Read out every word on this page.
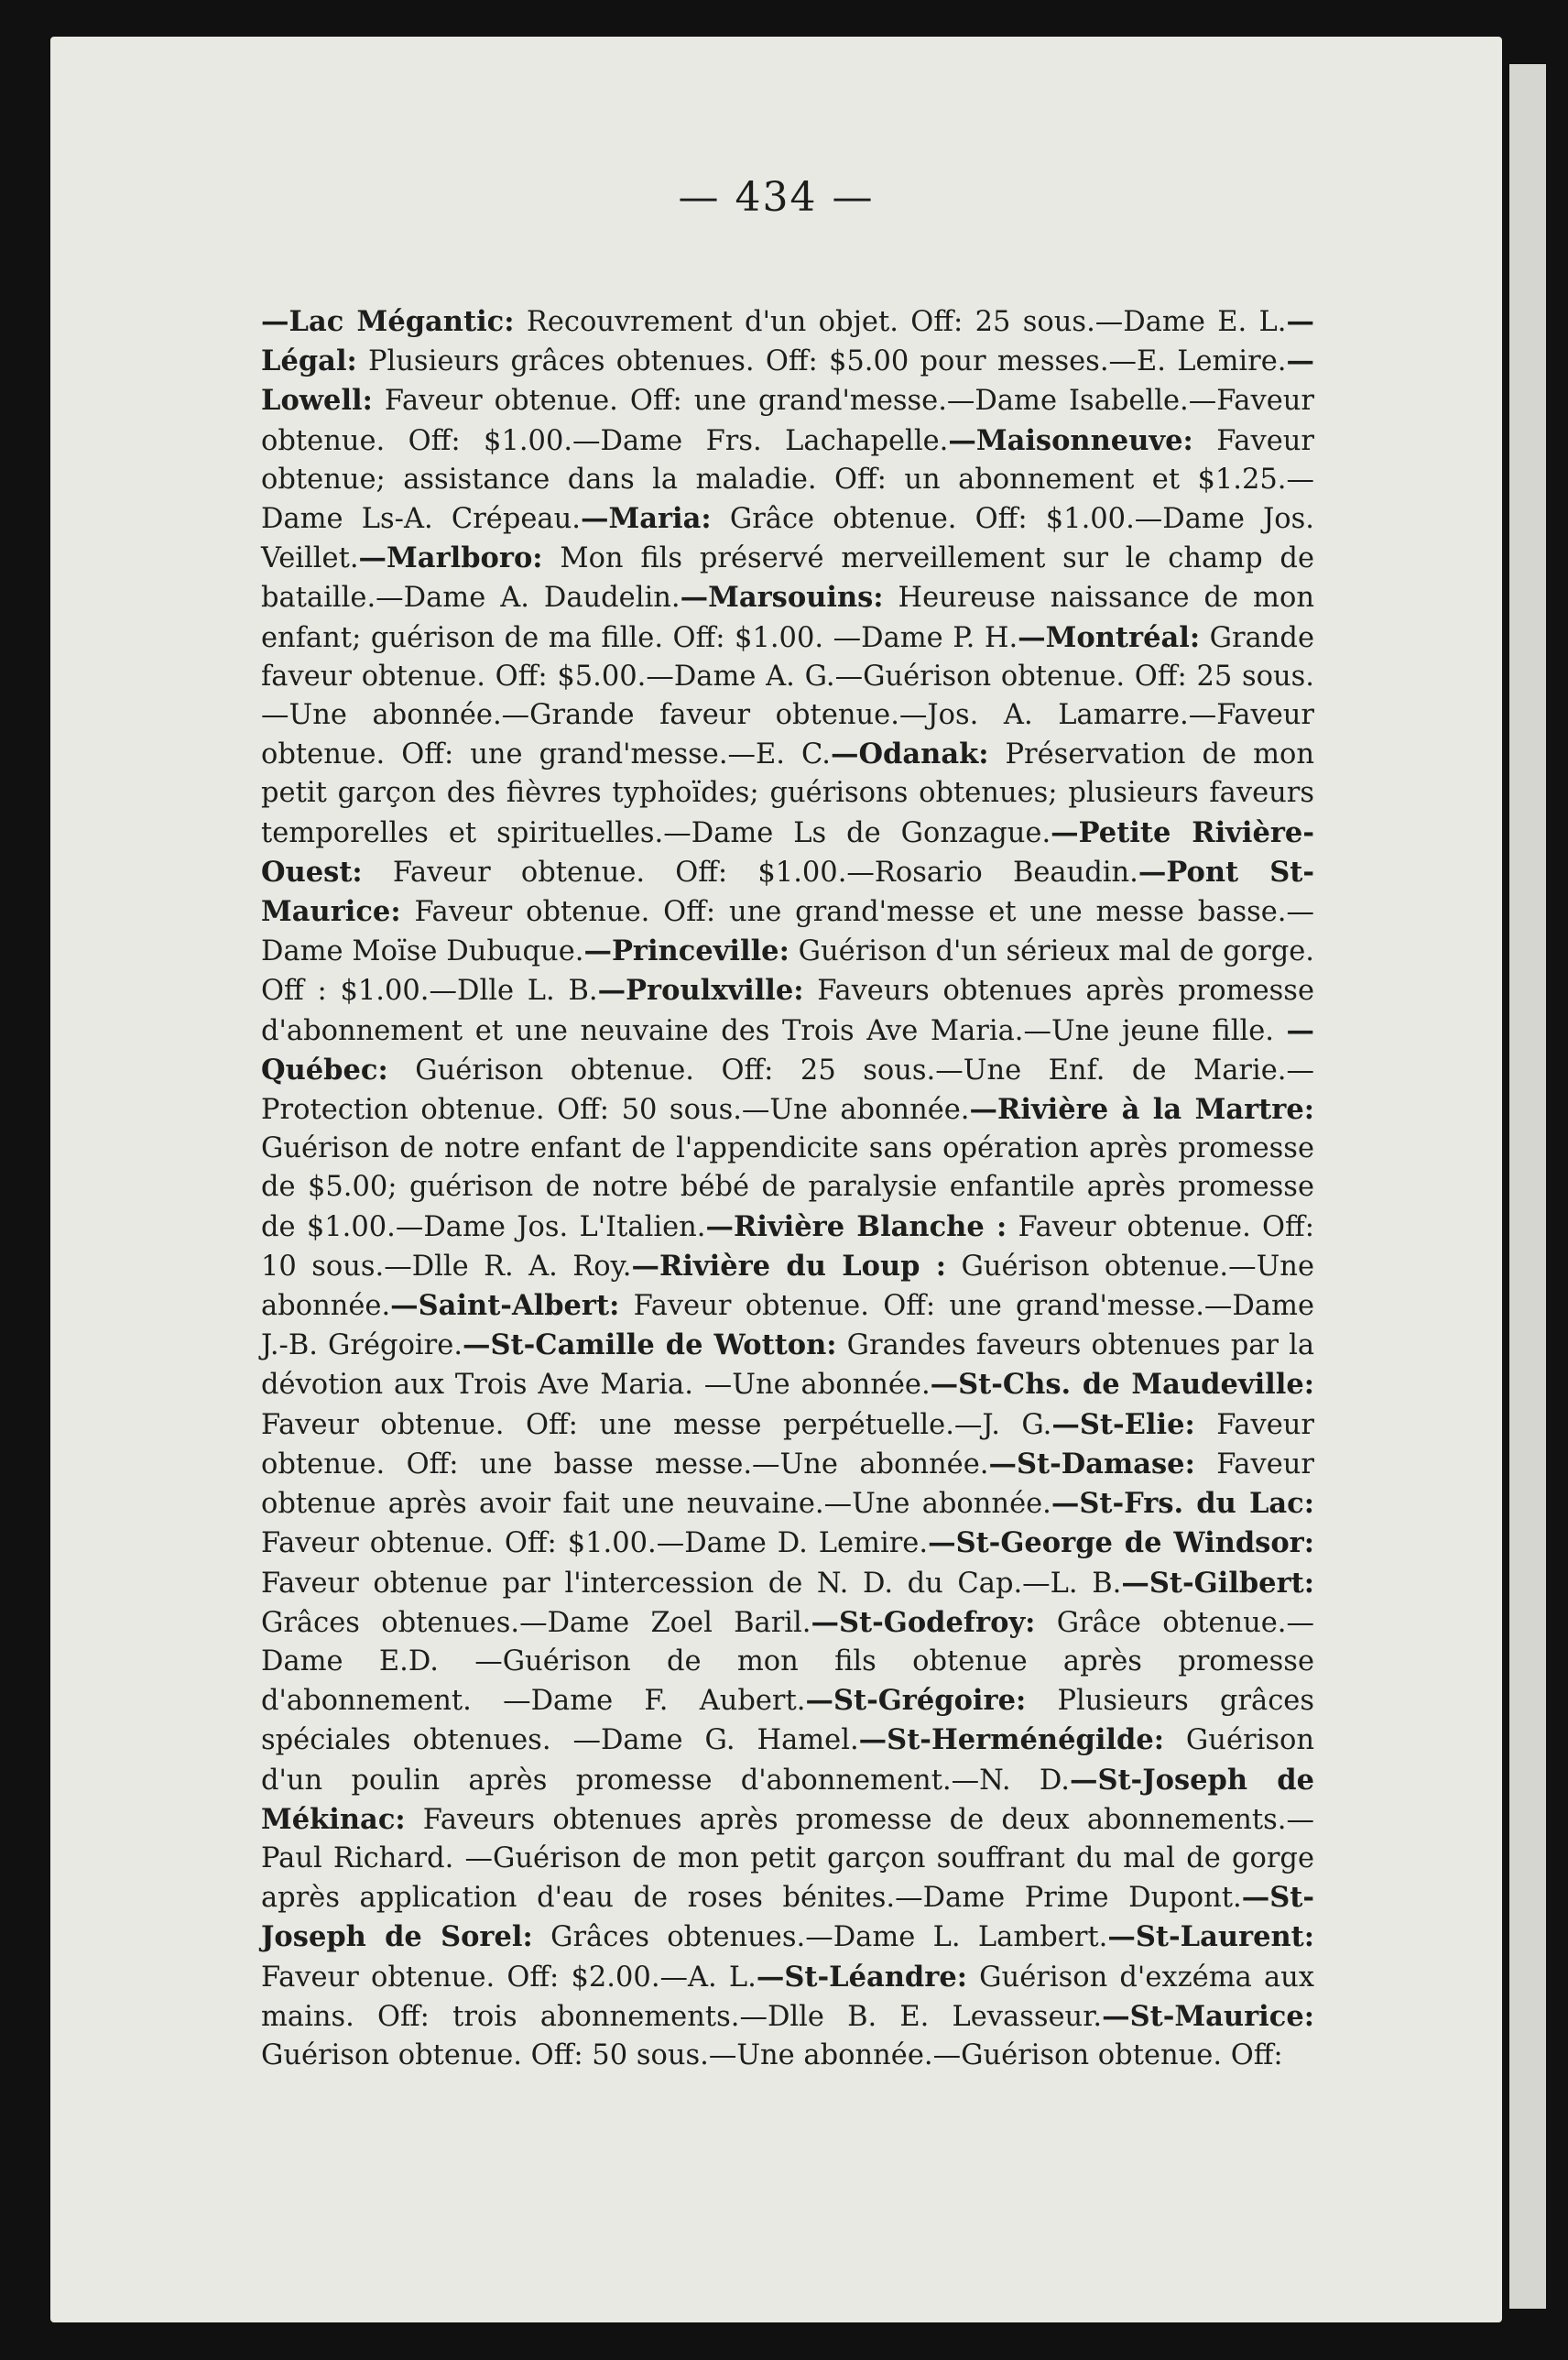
— 434 —
—Lac Mégantic: Recouvrement d'un objet. Off: 25 sous.—Dame E. L.—Légal: Plusieurs grâces obtenues. Off: $5.00 pour messes.—E. Lemire.—Lowell: Faveur obtenue. Off: une grand'messe.—Dame Isabelle.—Faveur obtenue. Off: $1.00.—Dame Frs. Lachapelle.—Maisonneuve: Faveur obtenue; assistance dans la maladie. Off: un abonnement et $1.25.—Dame Ls-A. Crépeau.—Maria: Grâce obtenue. Off: $1.00.—Dame Jos. Veillet.—Marlboro: Mon fils préservé merveillement sur le champ de bataille.—Dame A. Daudelin.—Marsouins: Heureuse naissance de mon enfant; guérison de ma fille. Off: $1.00. —Dame P. H.—Montréal: Grande faveur obtenue. Off: $5.00.—Dame A. G.—Guérison obtenue. Off: 25 sous.—Une abonnée.—Grande faveur obtenue.—Jos. A. Lamarre.—Faveur obtenue. Off: une grand'messe.—E. C.—Odanak: Préservation de mon petit garçon des fièvres typhoïdes; guérisons obtenues; plusieurs faveurs temporelles et spirituelles.—Dame Ls de Gonzague.—Petite Rivière-Ouest: Faveur obtenue. Off: $1.00.—Rosario Beaudin.—Pont St-Maurice: Faveur obtenue. Off: une grand'messe et une messe basse.—Dame Moïse Dubuque.—Princeville: Guérison d'un sérieux mal de gorge. Off : $1.00.—Dlle L. B.—Proulxville: Faveurs obtenues après promesse d'abonnement et une neuvaine des Trois Ave Maria.—Une jeune fille. —Québec: Guérison obtenue. Off: 25 sous.—Une Enf. de Marie.—Protection obtenue. Off: 50 sous.—Une abonnée.—Rivière à la Martre: Guérison de notre enfant de l'appendicite sans opération après promesse de $5.00; guérison de notre bébé de paralysie enfantile après promesse de $1.00.—Dame Jos. L'Italien.—Rivière Blanche : Faveur obtenue. Off: 10 sous.—Dlle R. A. Roy.—Rivière du Loup : Guérison obtenue.—Une abonnée.—Saint-Albert: Faveur obtenue. Off: une grand'messe.—Dame J.-B. Grégoire.—St-Camille de Wotton: Grandes faveurs obtenues par la dévotion aux Trois Ave Maria. —Une abonnée.—St-Chs. de Maudeville: Faveur obtenue. Off: une messe perpétuelle.—J. G.—St-Elie: Faveur obtenue. Off: une basse messe.—Une abonnée.—St-Damase: Faveur obtenue après avoir fait une neuvaine.—Une abonnée.—St-Frs. du Lac: Faveur obtenue. Off: $1.00.—Dame D. Lemire.—St-George de Windsor: Faveur obtenue par l'intercession de N. D. du Cap.—L. B.—St-Gilbert: Grâces obtenues.—Dame Zoel Baril.—St-Godefroy: Grâce obtenue.—Dame E.D. —Guérison de mon fils obtenue après promesse d'abonnement. —Dame F. Aubert.—St-Grégoire: Plusieurs grâces spéciales obtenues. —Dame G. Hamel.—St-Herménégilde: Guérison d'un poulin après promesse d'abonnement.—N. D.—St-Joseph de Mékinac: Faveurs obtenues après promesse de deux abonnements.—Paul Richard. —Guérison de mon petit garçon souffrant du mal de gorge après application d'eau de roses bénites.—Dame Prime Dupont.—St-Joseph de Sorel: Grâces obtenues.—Dame L. Lambert.—St-Laurent: Faveur obtenue. Off: $2.00.—A. L.—St-Léandre: Guérison d'exzéma aux mains. Off: trois abonnements.—Dlle B. E. Levasseur.—St-Maurice: Guérison obtenue. Off: 50 sous.—Une abonnée.—Guérison obtenue. Off:
